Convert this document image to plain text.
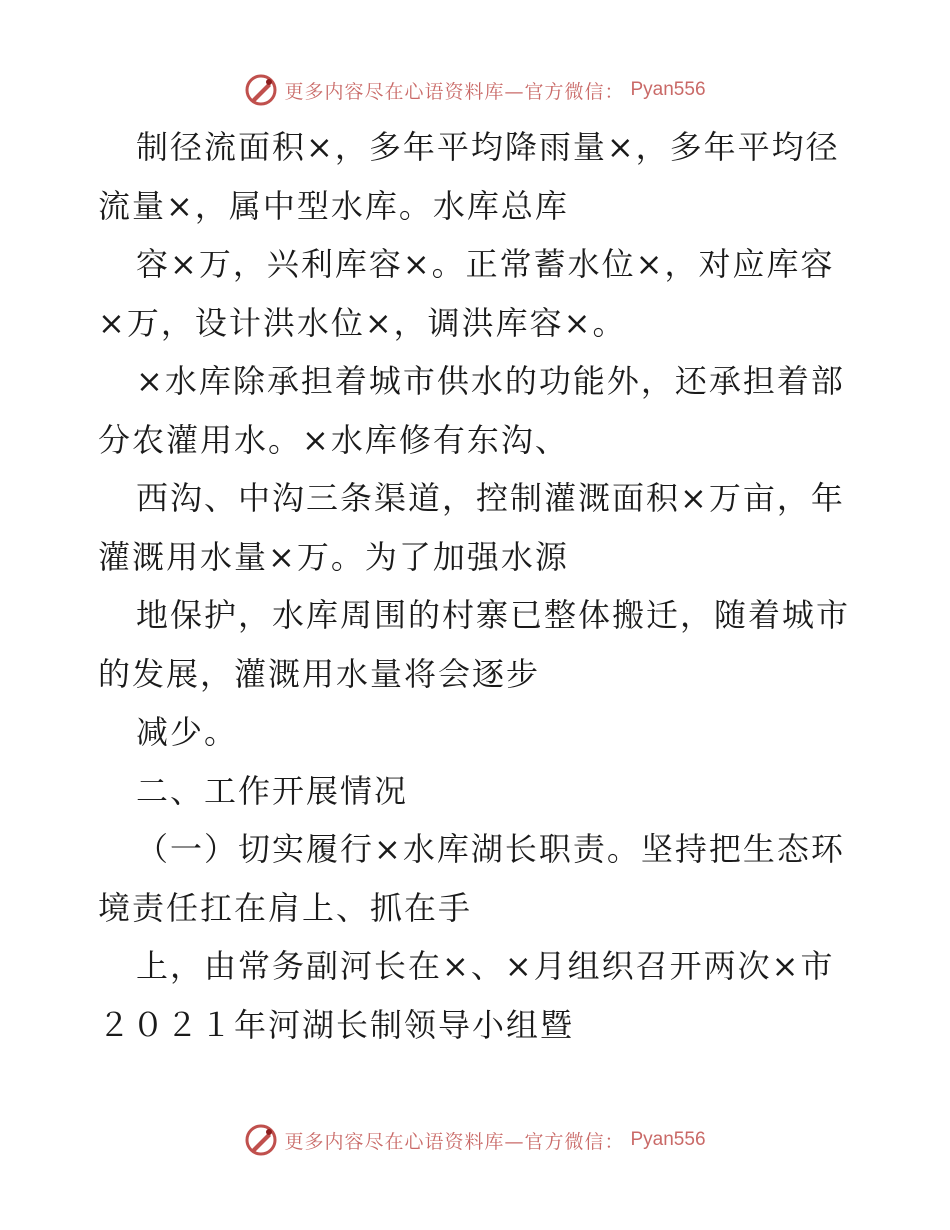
更多内容尽在心语资料库—官方微信： Pyan556
制径流面积×，多年平均降雨量×，多年平均径
流量×，属中型水库。水库总库
容×万，兴利库容×。正常蓄水位×，对应库容
×万，设计洪水位×，调洪库容×。
×水库除承担着城市供水的功能外，还承担着部
分农灌用水。×水库修有东沟、
西沟、中沟三条渠道，控制灌溉面积×万亩，年
灌溉用水量×万。为了加强水源
地保护，水库周围的村寨已整体搬迁，随着城市
的发展，灌溉用水量将会逐步
减少。
二、工作开展情况
（一）切实履行×水库湖长职责。坚持把生态环
境责任扛在肩上、抓在手
上，由常务副河长在×、×月组织召开两次×市
２０２１年河湖长制领导小组暨
更多内容尽在心语资料库—官方微信： Pyan556
